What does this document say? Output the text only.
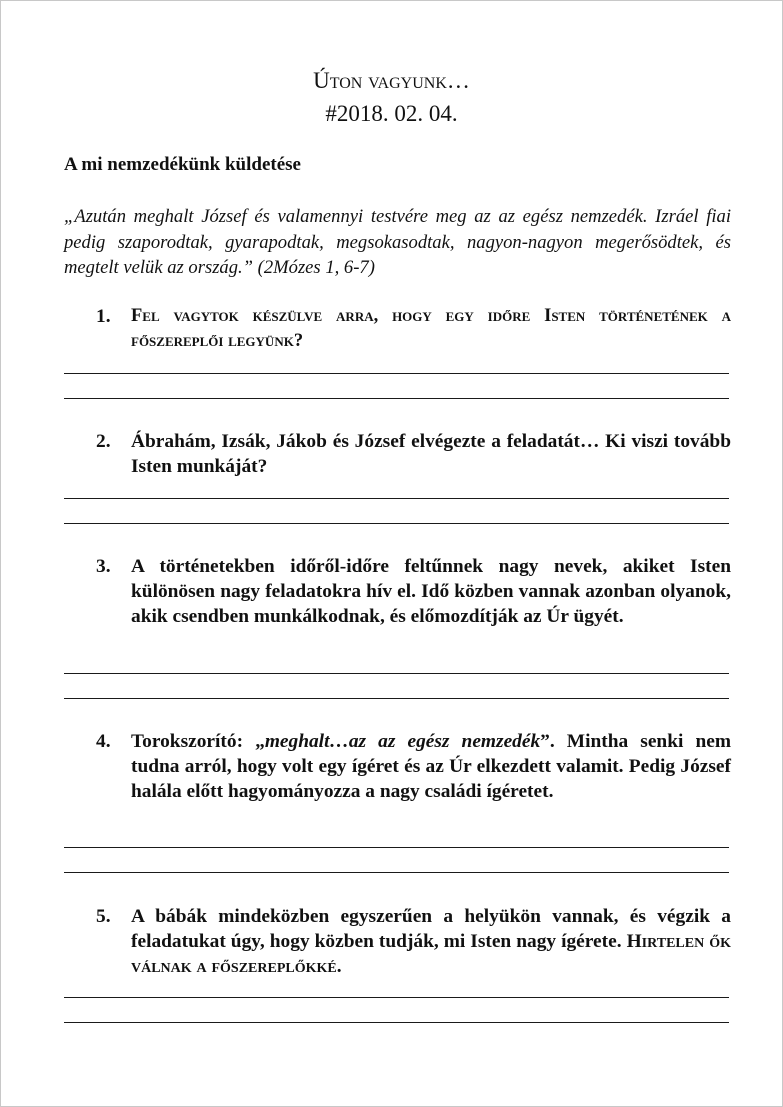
Úton vagyunk…
#2018. 02. 04.
A mi nemzedékünk küldetése
„Azután meghalt József és valamennyi testvére meg az az egész nemzedék. Izráel fiai pedig szaporodtak, gyarapodtak, megsokasodtak, nagyon-nagyon megerősödtek, és megtelt velük az ország.” (2Mózes 1, 6-7)
1.	Fel vagytok készülve arra, hogy egy időre Isten történetének a főszereplői legyünk?
2.	Ábrahám, Izsák, Jákob és József elvégezte a feladatát… Ki viszi tovább Isten munkáját?
3.	A történetekben időről-időre feltűnnek nagy nevek, akiket Isten különösen nagy feladatokra hív el. Idő közben vannak azonban olyanok, akik csendben munkálkodnak, és előmozdítják az Úr ügyét.
4.	Torokszorító: „meghalt…az az egész nemzedék”. Mintha senki nem tudna arról, hogy volt egy ígéret és az Úr elkezdett valamit. Pedig József halála előtt hagyományozza a nagy családi ígéretet.
5.	A bábák mindeközben egyszerűen a helyükön vannak, és végzik a feladatukat úgy, hogy közben tudják, mi Isten nagy ígérete. Hirtelen ők válnak a főszereplőkké.
